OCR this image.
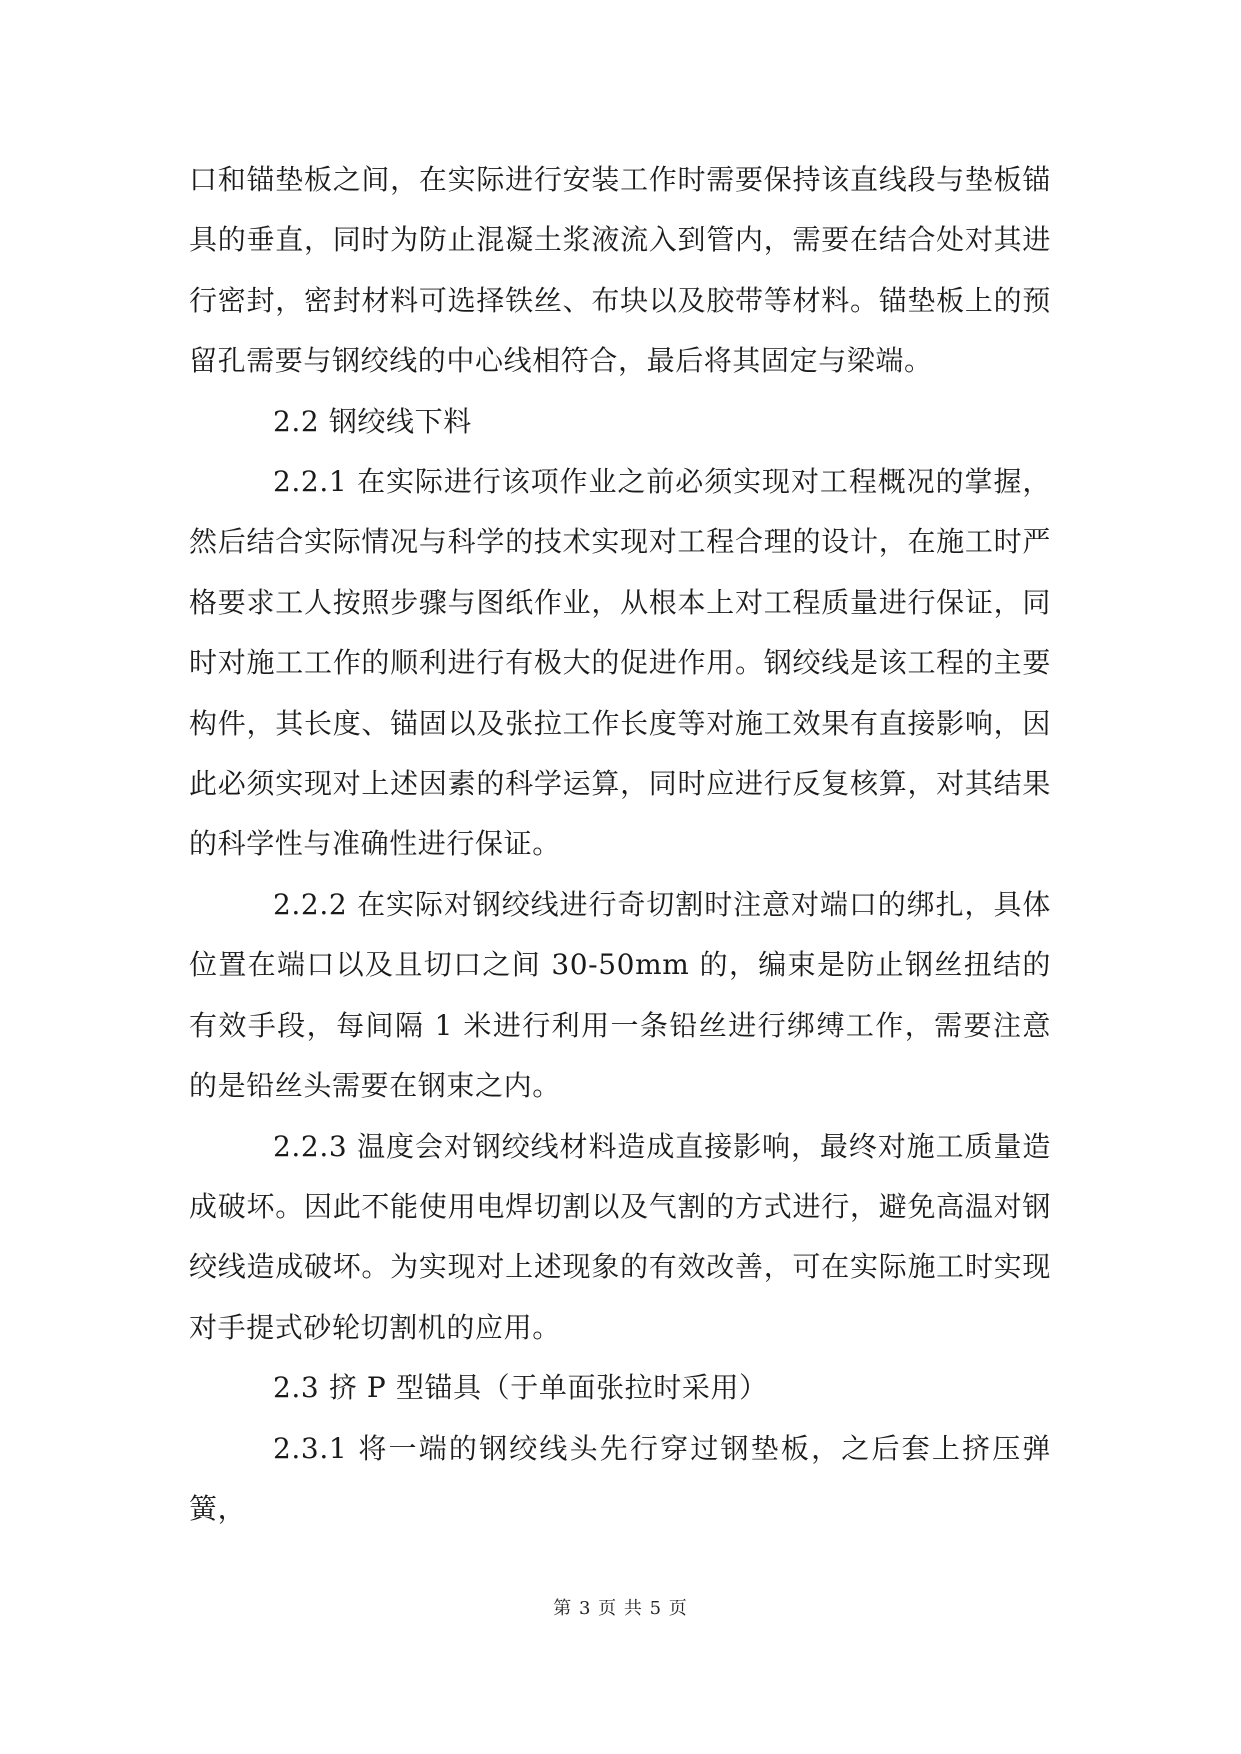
口和锚垫板之间，在实际进行安装工作时需要保持该直线段与垫板锚具的垂直，同时为防止混凝土浆液流入到管内，需要在结合处对其进行密封，密封材料可选择铁丝、布块以及胶带等材料。锚垫板上的预留孔需要与钢绞线的中心线相符合，最后将其固定与梁端。

2.2 钢绞线下料

2.2.1 在实际进行该项作业之前必须实现对工程概况的掌握，然后结合实际情况与科学的技术实现对工程合理的设计，在施工时严格要求工人按照步骤与图纸作业，从根本上对工程质量进行保证，同时对施工工作的顺利进行有极大的促进作用。钢绞线是该工程的主要构件，其长度、锚固以及张拉工作长度等对施工效果有直接影响，因此必须实现对上述因素的科学运算，同时应进行反复核算，对其结果的科学性与准确性进行保证。

2.2.2 在实际对钢绞线进行奇切割时注意对端口的绑扎，具体位置在端口以及且切口之间 30-50mm 的，编束是防止钢丝扭结的有效手段，每间隔 1 米进行利用一条铅丝进行绑缚工作，需要注意的是铅丝头需要在钢束之内。

2.2.3 温度会对钢绞线材料造成直接影响，最终对施工质量造成破坏。因此不能使用电焊切割以及气割的方式进行，避免高温对钢绞线造成破坏。为实现对上述现象的有效改善，可在实际施工时实现对手提式砂轮切割机的应用。

2.3 挤 P 型锚具（于单面张拉时采用）

2.3.1 将一端的钢绞线头先行穿过钢垫板，之后套上挤压弹簧，

第 3 页 共 5 页
